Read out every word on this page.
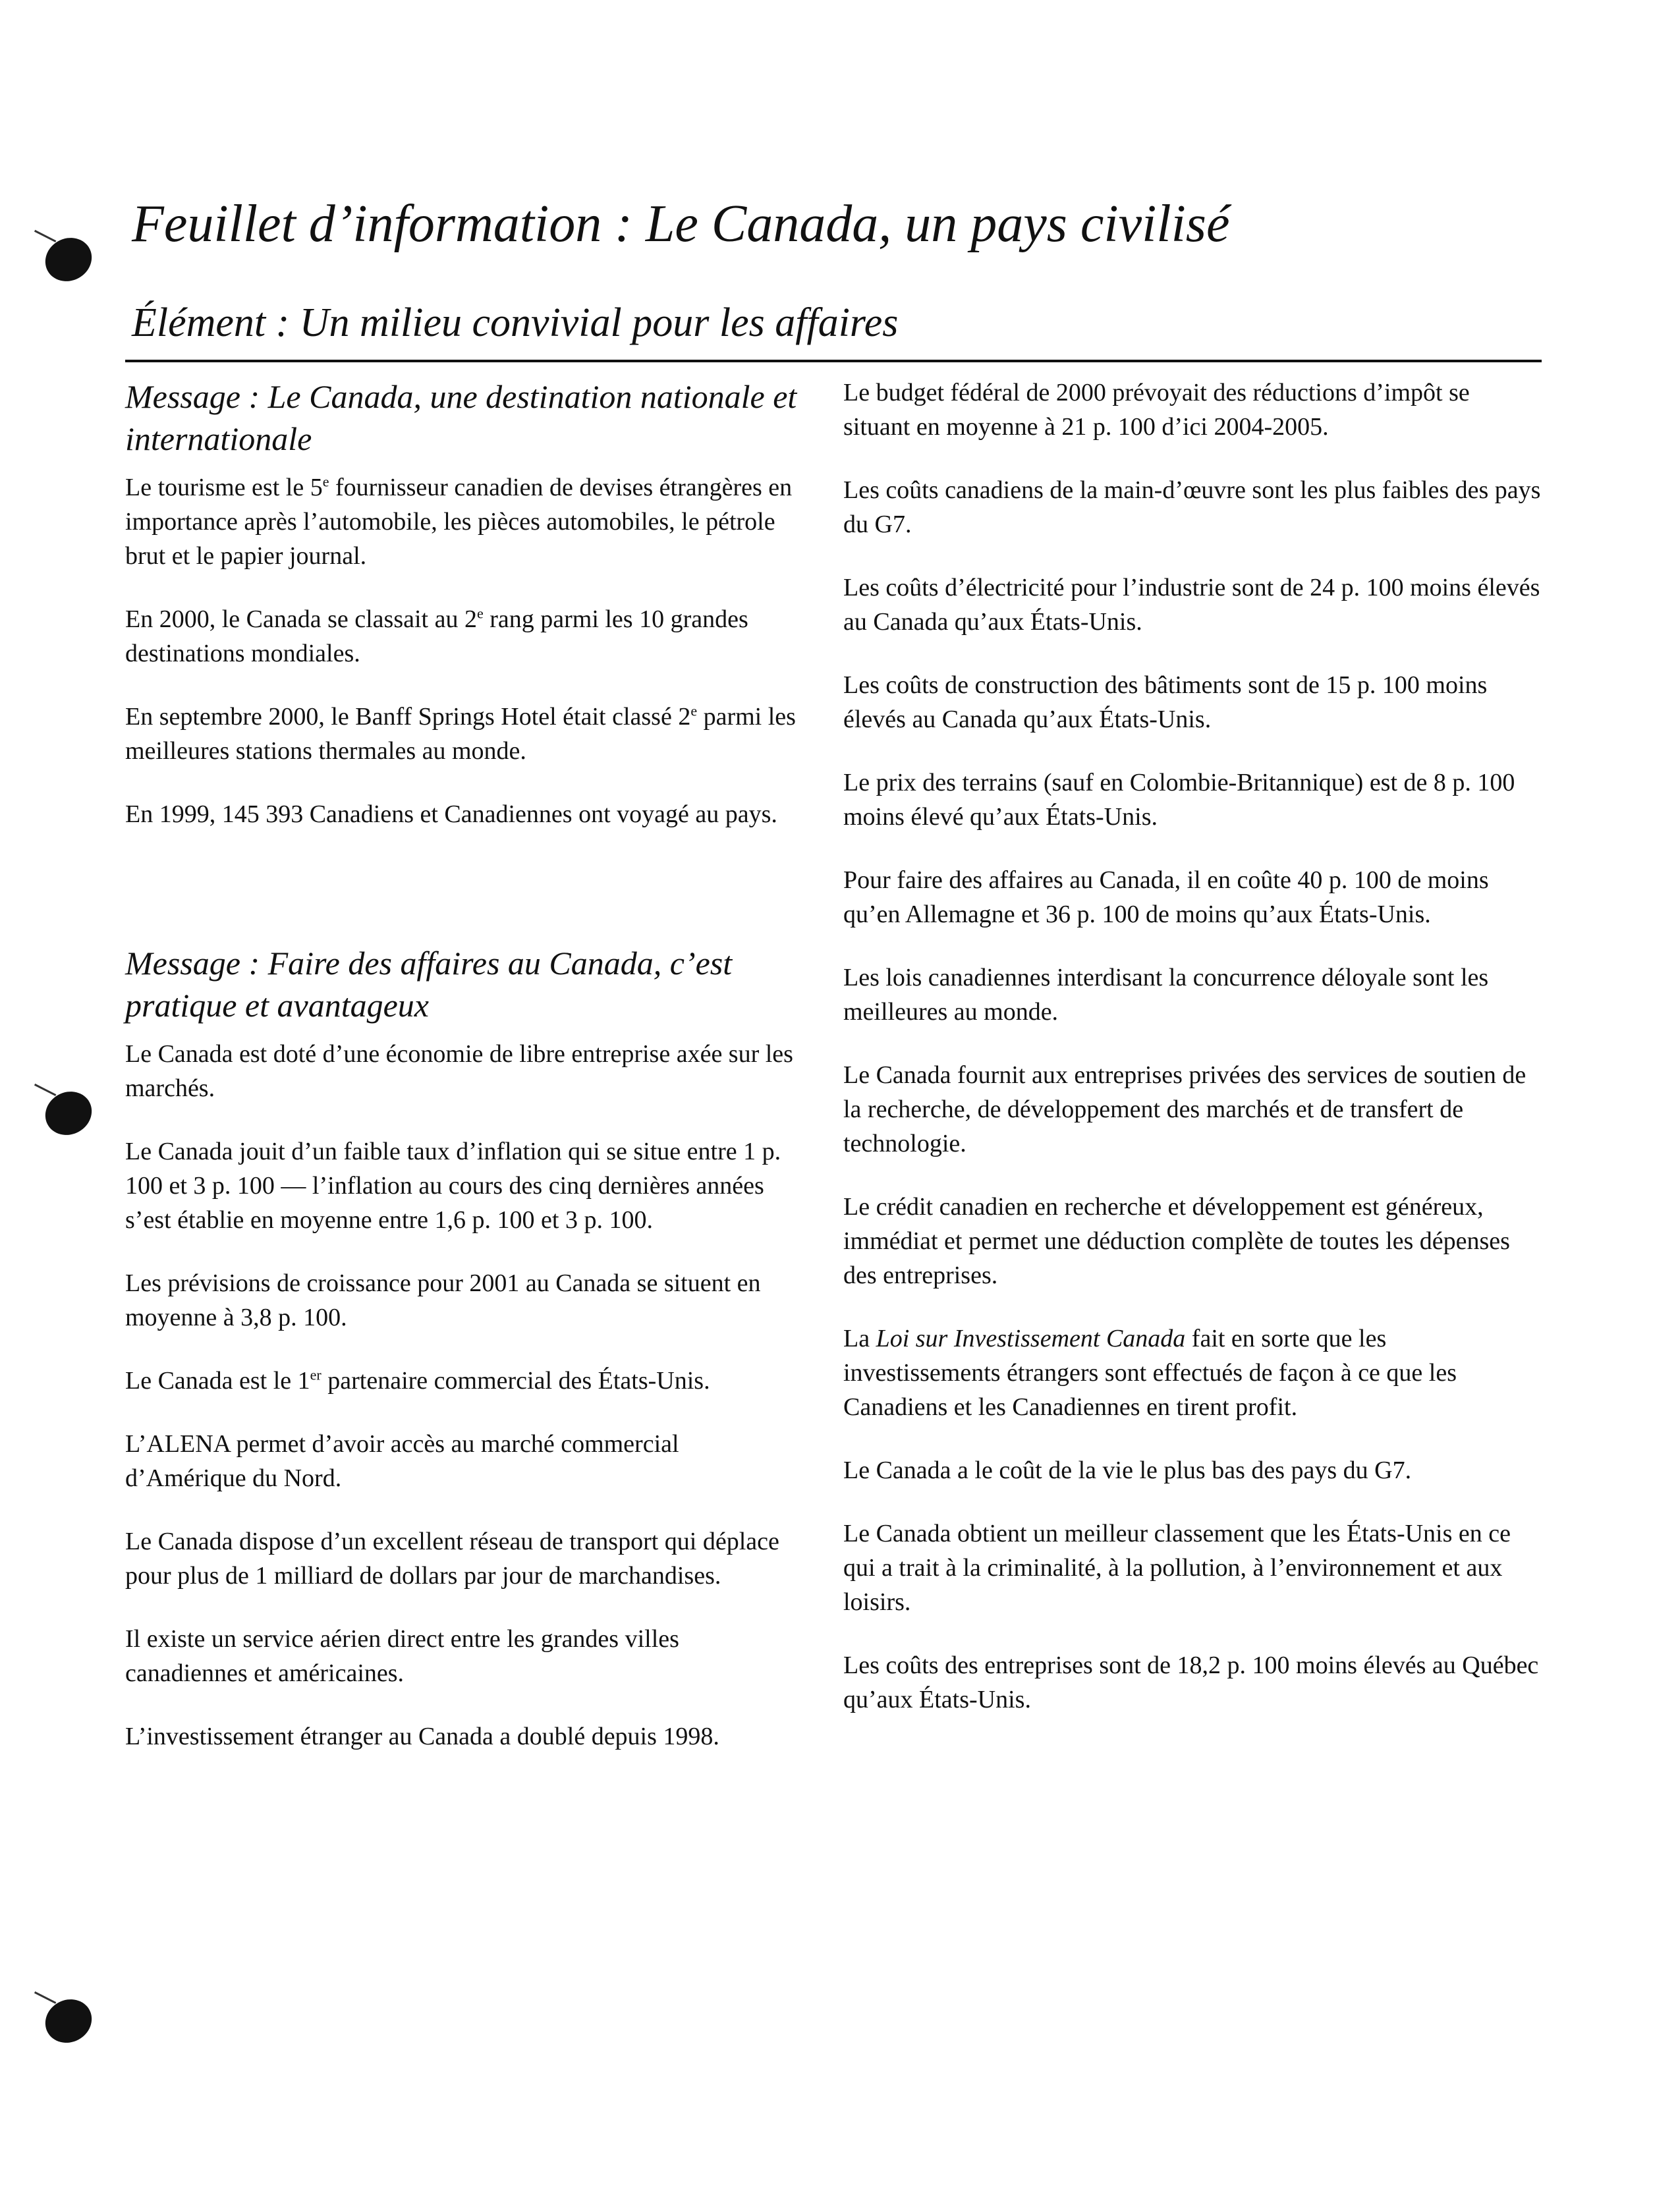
Feuillet d’information : Le Canada, un pays civilisé
Élément : Un milieu convivial pour les affaires
Message : Le Canada, une destination nationale et internationale

Le tourisme est le 5e fournisseur canadien de devises étrangères en importance après l’automobile, les pièces automobiles, le pétrole brut et le papier journal.

En 2000, le Canada se classait au 2e rang parmi les 10 grandes destinations mondiales.

En septembre 2000, le Banff Springs Hotel était classé 2e parmi les meilleures stations thermales au monde.

En 1999, 145 393 Canadiens et Canadiennes ont voyagé au pays.

Message : Faire des affaires au Canada, c’est pratique et avantageux

Le Canada est doté d’une économie de libre entreprise axée sur les marchés.

Le Canada jouit d’un faible taux d’inflation qui se situe entre 1 p. 100 et 3 p. 100 — l’inflation au cours des cinq dernières années s’est établie en moyenne entre 1,6 p. 100 et 3 p. 100.

Les prévisions de croissance pour 2001 au Canada se situent en moyenne à 3,8 p. 100.

Le Canada est le 1er partenaire commercial des États-Unis.

L’ALENA permet d’avoir accès au marché commercial d’Amérique du Nord.

Le Canada dispose d’un excellent réseau de transport qui déplace pour plus de 1 milliard de dollars par jour de marchandises.

Il existe un service aérien direct entre les grandes villes canadiennes et américaines.

L’investissement étranger au Canada a doublé depuis 1998.

Le budget fédéral de 2000 prévoyait des réductions d’impôt se situant en moyenne à 21 p. 100 d’ici 2004-2005.

Les coûts canadiens de la main-d’œuvre sont les plus faibles des pays du G7.

Les coûts d’électricité pour l’industrie sont de 24 p. 100 moins élevés au Canada qu’aux États-Unis.

Les coûts de construction des bâtiments sont de 15 p. 100 moins élevés au Canada qu’aux États-Unis.

Le prix des terrains (sauf en Colombie-Britannique) est de 8 p. 100 moins élevé qu’aux États-Unis.

Pour faire des affaires au Canada, il en coûte 40 p. 100 de moins qu’en Allemagne et 36 p. 100 de moins qu’aux États-Unis.

Les lois canadiennes interdisant la concurrence déloyale sont les meilleures au monde.

Le Canada fournit aux entreprises privées des services de soutien de la recherche, de développement des marchés et de transfert de technologie.

Le crédit canadien en recherche et développement est généreux, immédiat et permet une déduction complète de toutes les dépenses des entreprises.

La Loi sur Investissement Canada fait en sorte que les investissements étrangers sont effectués de façon à ce que les Canadiens et les Canadiennes en tirent profit.

Le Canada a le coût de la vie le plus bas des pays du G7.

Le Canada obtient un meilleur classement que les États-Unis en ce qui a trait à la criminalité, à la pollution, à l’environnement et aux loisirs.

Les coûts des entreprises sont de 18,2 p. 100 moins élevés au Québec qu’aux États-Unis.
